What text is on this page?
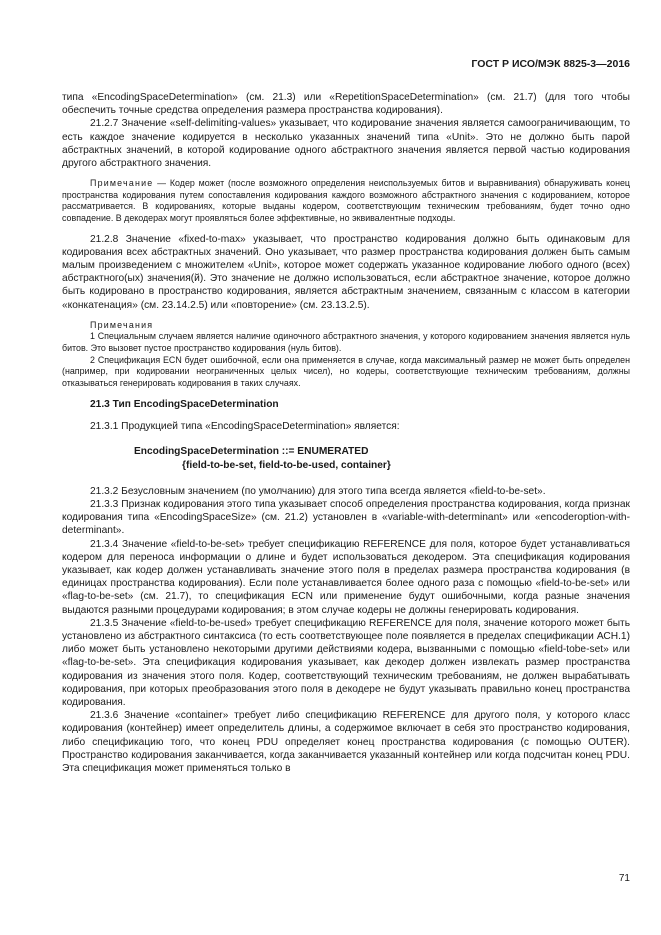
ГОСТ Р ИСО/МЭК 8825-3—2016

типа «EncodingSpaceDetermination» (см. 21.3) или «RepetitionSpaceDetermination» (см. 21.7) (для того чтобы обеспечить точные средства определения размера пространства кодирования).

21.2.7 Значение «self-delimiting-values» указывает, что кодирование значения является самоограничивающим, то есть каждое значение кодируется в несколько указанных значений типа «Unit». Это не должно быть парой абстрактных значений, в которой кодирование одного абстрактного значения является первой частью кодирования другого абстрактного значения.

Примечание — Кодер может (после возможного определения неиспользуемых битов и выравнивания) обнаруживать конец пространства кодирования путем сопоставления кодирования каждого возможного абстрактного значения с кодированием, которое рассматривается. В кодированиях, которые выданы кодером, соответствующим техническим требованиям, будет точно одно совпадение. В декодерах могут проявляться более эффективные, но эквивалентные подходы.

21.2.8 Значение «fixed-to-max» указывает, что пространство кодирования должно быть одинаковым для кодирования всех абстрактных значений. Оно указывает, что размер пространства кодирования должен быть самым малым произведением с множителем «Unit», которое может содержать указанное кодирование любого одного (всех) абстрактного(ых) значения(й). Это значение не должно использоваться, если абстрактное значение, которое должно быть кодировано в пространство кодирования, является абстрактным значением, связанным с классом в категории «конкатенация» (см. 23.14.2.5) или «повторение» (см. 23.13.2.5).

Примечания

1 Специальным случаем является наличие одиночного абстрактного значения, у которого кодированием значения является нуль битов. Это вызовет пустое пространство кодирования (нуль битов).

2 Спецификация ECN будет ошибочной, если она применяется в случае, когда максимальный размер не может быть определен (например, при кодировании неограниченных целых чисел), но кодеры, соответствующие техническим требованиям, должны отказываться генерировать кодирования в таких случаях.

21.3 Тип EncodingSpaceDetermination

21.3.1 Продукцией типа «EncodingSpaceDetermination» является:

EncodingSpaceDetermination ::= ENUMERATED
{field-to-be-set, field-to-be-used, container}

21.3.2 Безусловным значением (по умолчанию) для этого типа всегда является «field-to-be-set».

21.3.3 Признак кодирования этого типа указывает способ определения пространства кодирования, когда признак кодирования типа «EncodingSpaceSize» (см. 21.2) установлен в «variable-with-determinant» или «encoderoption-with-determinant».

21.3.4 Значение «field-to-be-set» требует спецификацию REFERENCE для поля, которое будет устанавливаться кодером для переноса информации о длине и будет использоваться декодером. Эта спецификация кодирования указывает, как кодер должен устанавливать значение этого поля в пределах размера пространства кодирования (в единицах пространства кодирования). Если поле устанавливается более одного раза с помощью «field-to-be-set» или «flag-to-be-set» (см. 21.7), то спецификация ECN или применение будут ошибочными, когда разные значения выдаются разными процедурами кодирования; в этом случае кодеры не должны генерировать кодирования.

21.3.5 Значение «field-to-be-used» требует спецификацию REFERENCE для поля, значение которого может быть установлено из абстрактного синтаксиса (то есть соответствующее поле появляется в пределах спецификации АСН.1) либо может быть установлено некоторыми другими действиями кодера, вызванными с помощью «field-tobe-set» или «flag-to-be-set». Эта спецификация кодирования указывает, как декодер должен извлекать размер пространства кодирования из значения этого поля. Кодер, соответствующий техническим требованиям, не должен вырабатывать кодирования, при которых преобразования этого поля в декодере не будут указывать правильно конец пространства кодирования.

21.3.6 Значение «container» требует либо спецификацию REFERENCE для другого поля, у которого класс кодирования (контейнер) имеет определитель длины, а содержимое включает в себя это пространство кодирования, либо спецификацию того, что конец PDU определяет конец пространства кодирования (с помощью OUTER). Пространство кодирования заканчивается, когда заканчивается указанный контейнер или когда подсчитан конец PDU. Эта спецификация может применяться только в

71
